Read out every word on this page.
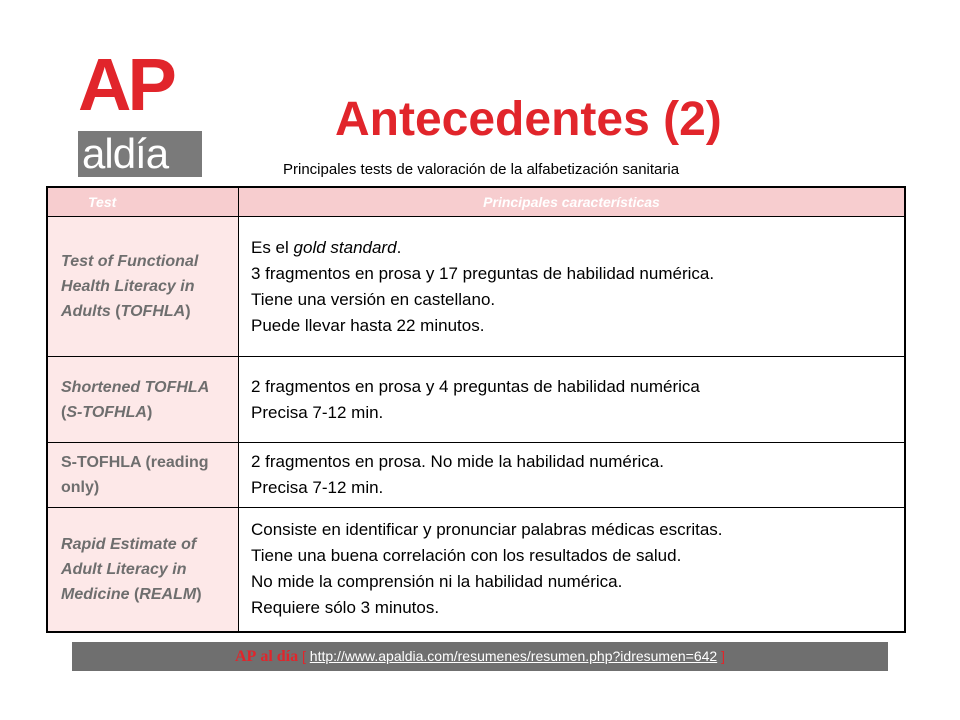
AP
aldía
Antecedentes (2)
Principales tests de valoración de la alfabetización sanitaria
Test	Principales características
Test of Functional Health Literacy in Adults (TOFHLA)	Es el gold standard.
3 fragmentos en prosa y 17 preguntas de habilidad numérica.
Tiene una versión en castellano.
Puede llevar hasta 22 minutos.

Shortened TOFHLA (S-TOFHLA)	2 fragmentos en prosa y 4 preguntas de habilidad numérica
Precisa 7-12 min.

S-TOFHLA (reading only)	2 fragmentos en prosa. No mide la habilidad numérica.
Precisa 7-12 min.

Rapid Estimate of Adult Literacy in Medicine (REALM)	Consiste en identificar y pronunciar palabras médicas escritas.
Tiene una buena correlación con los resultados de salud.
No mide la comprensión ni la habilidad numérica.
Requiere sólo 3 minutos.
AP al día [ http://www.apaldia.com/resumenes/resumen.php?idresumen=642 ]
